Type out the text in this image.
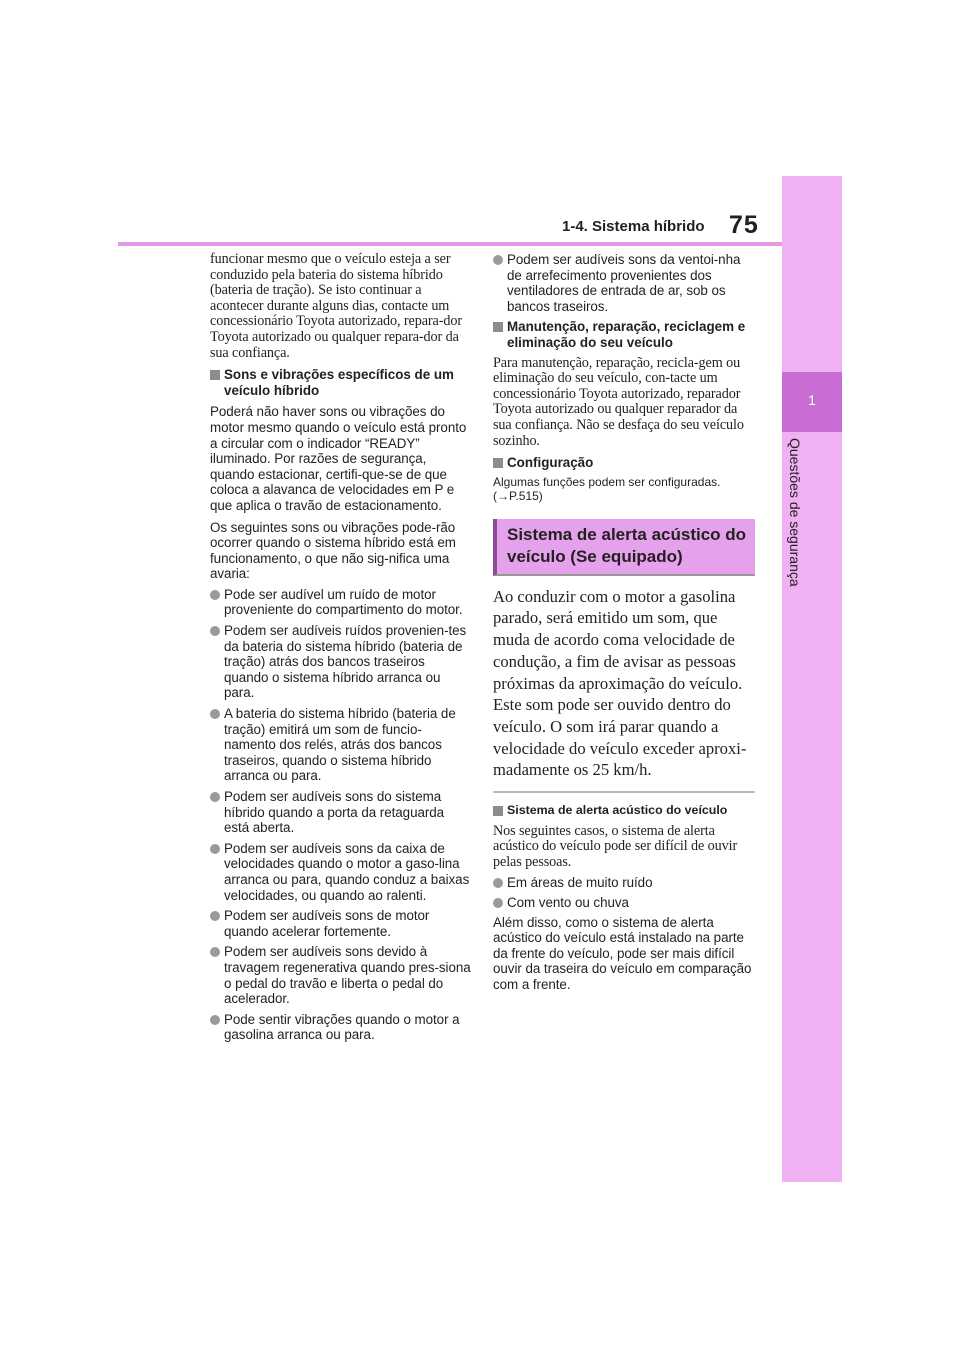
1-4. Sistema híbrido 75
1
Questões de segurança

funcionar mesmo que o veículo esteja a ser conduzido pela bateria do sistema híbrido (bateria de tração). Se isto continuar a acontecer durante alguns dias, contacte um concessionário Toyota autorizado, repara-dor Toyota autorizado ou qualquer repara-dor da sua confiança.

Sons e vibrações específicos de um veículo híbrido

Poderá não haver sons ou vibrações do motor mesmo quando o veículo está pronto a circular com o indicador “READY” iluminado. Por razões de segurança, quando estacionar, certifi-que-se de que coloca a alavanca de velocidades em P e que aplica o travão de estacionamento.

Os seguintes sons ou vibrações pode-rão ocorrer quando o sistema híbrido está em funcionamento, o que não sig-nifica uma avaria:

Pode ser audível um ruído de motor proveniente do compartimento do motor.
Podem ser audíveis ruídos provenien-tes da bateria do sistema híbrido (bateria de tração) atrás dos bancos traseiros quando o sistema híbrido arranca ou para.
A bateria do sistema híbrido (bateria de tração) emitirá um som de funcio-namento dos relés, atrás dos bancos traseiros, quando o sistema híbrido arranca ou para.
Podem ser audíveis sons do sistema híbrido quando a porta da retaguarda está aberta.
Podem ser audíveis sons da caixa de velocidades quando o motor a gaso-lina arranca ou para, quando conduz a baixas velocidades, ou quando ao ralenti.
Podem ser audíveis sons de motor quando acelerar fortemente.
Podem ser audíveis sons devido à travagem regenerativa quando pres-siona o pedal do travão e liberta o pedal do acelerador.
Pode sentir vibrações quando o motor a gasolina arranca ou para.
Podem ser audíveis sons da ventoi-nha de arrefecimento provenientes dos ventiladores de entrada de ar, sob os bancos traseiros.
Manutenção, reparação, reciclagem e eliminação do seu veículo

Para manutenção, reparação, recicla-gem ou eliminação do seu veículo, con-tacte um concessionário Toyota autorizado, reparador Toyota autorizado ou qualquer reparador da sua confiança. Não se desfaça do seu veículo sozinho.

Configuração

Algumas funções podem ser configuradas. (→P.515)

Sistema de alerta acústico do veículo (Se equipado)

Ao conduzir com o motor a gasolina parado, será emitido um som, que muda de acordo coma velocidade de condução, a fim de avisar as pessoas próximas da aproximação do veículo. Este som pode ser ouvido dentro do veículo. O som irá parar quando a velocidade do veículo exceder aproxi-madamente os 25 km/h.

Sistema de alerta acústico do veículo

Nos seguintes casos, o sistema de alerta acústico do veículo pode ser difícil de ouvir pelas pessoas.

Em áreas de muito ruído
Com vento ou chuva

Além disso, como o sistema de alerta acústico do veículo está instalado na parte da frente do veículo, pode ser mais difícil ouvir da traseira do veículo em comparação com a frente.
